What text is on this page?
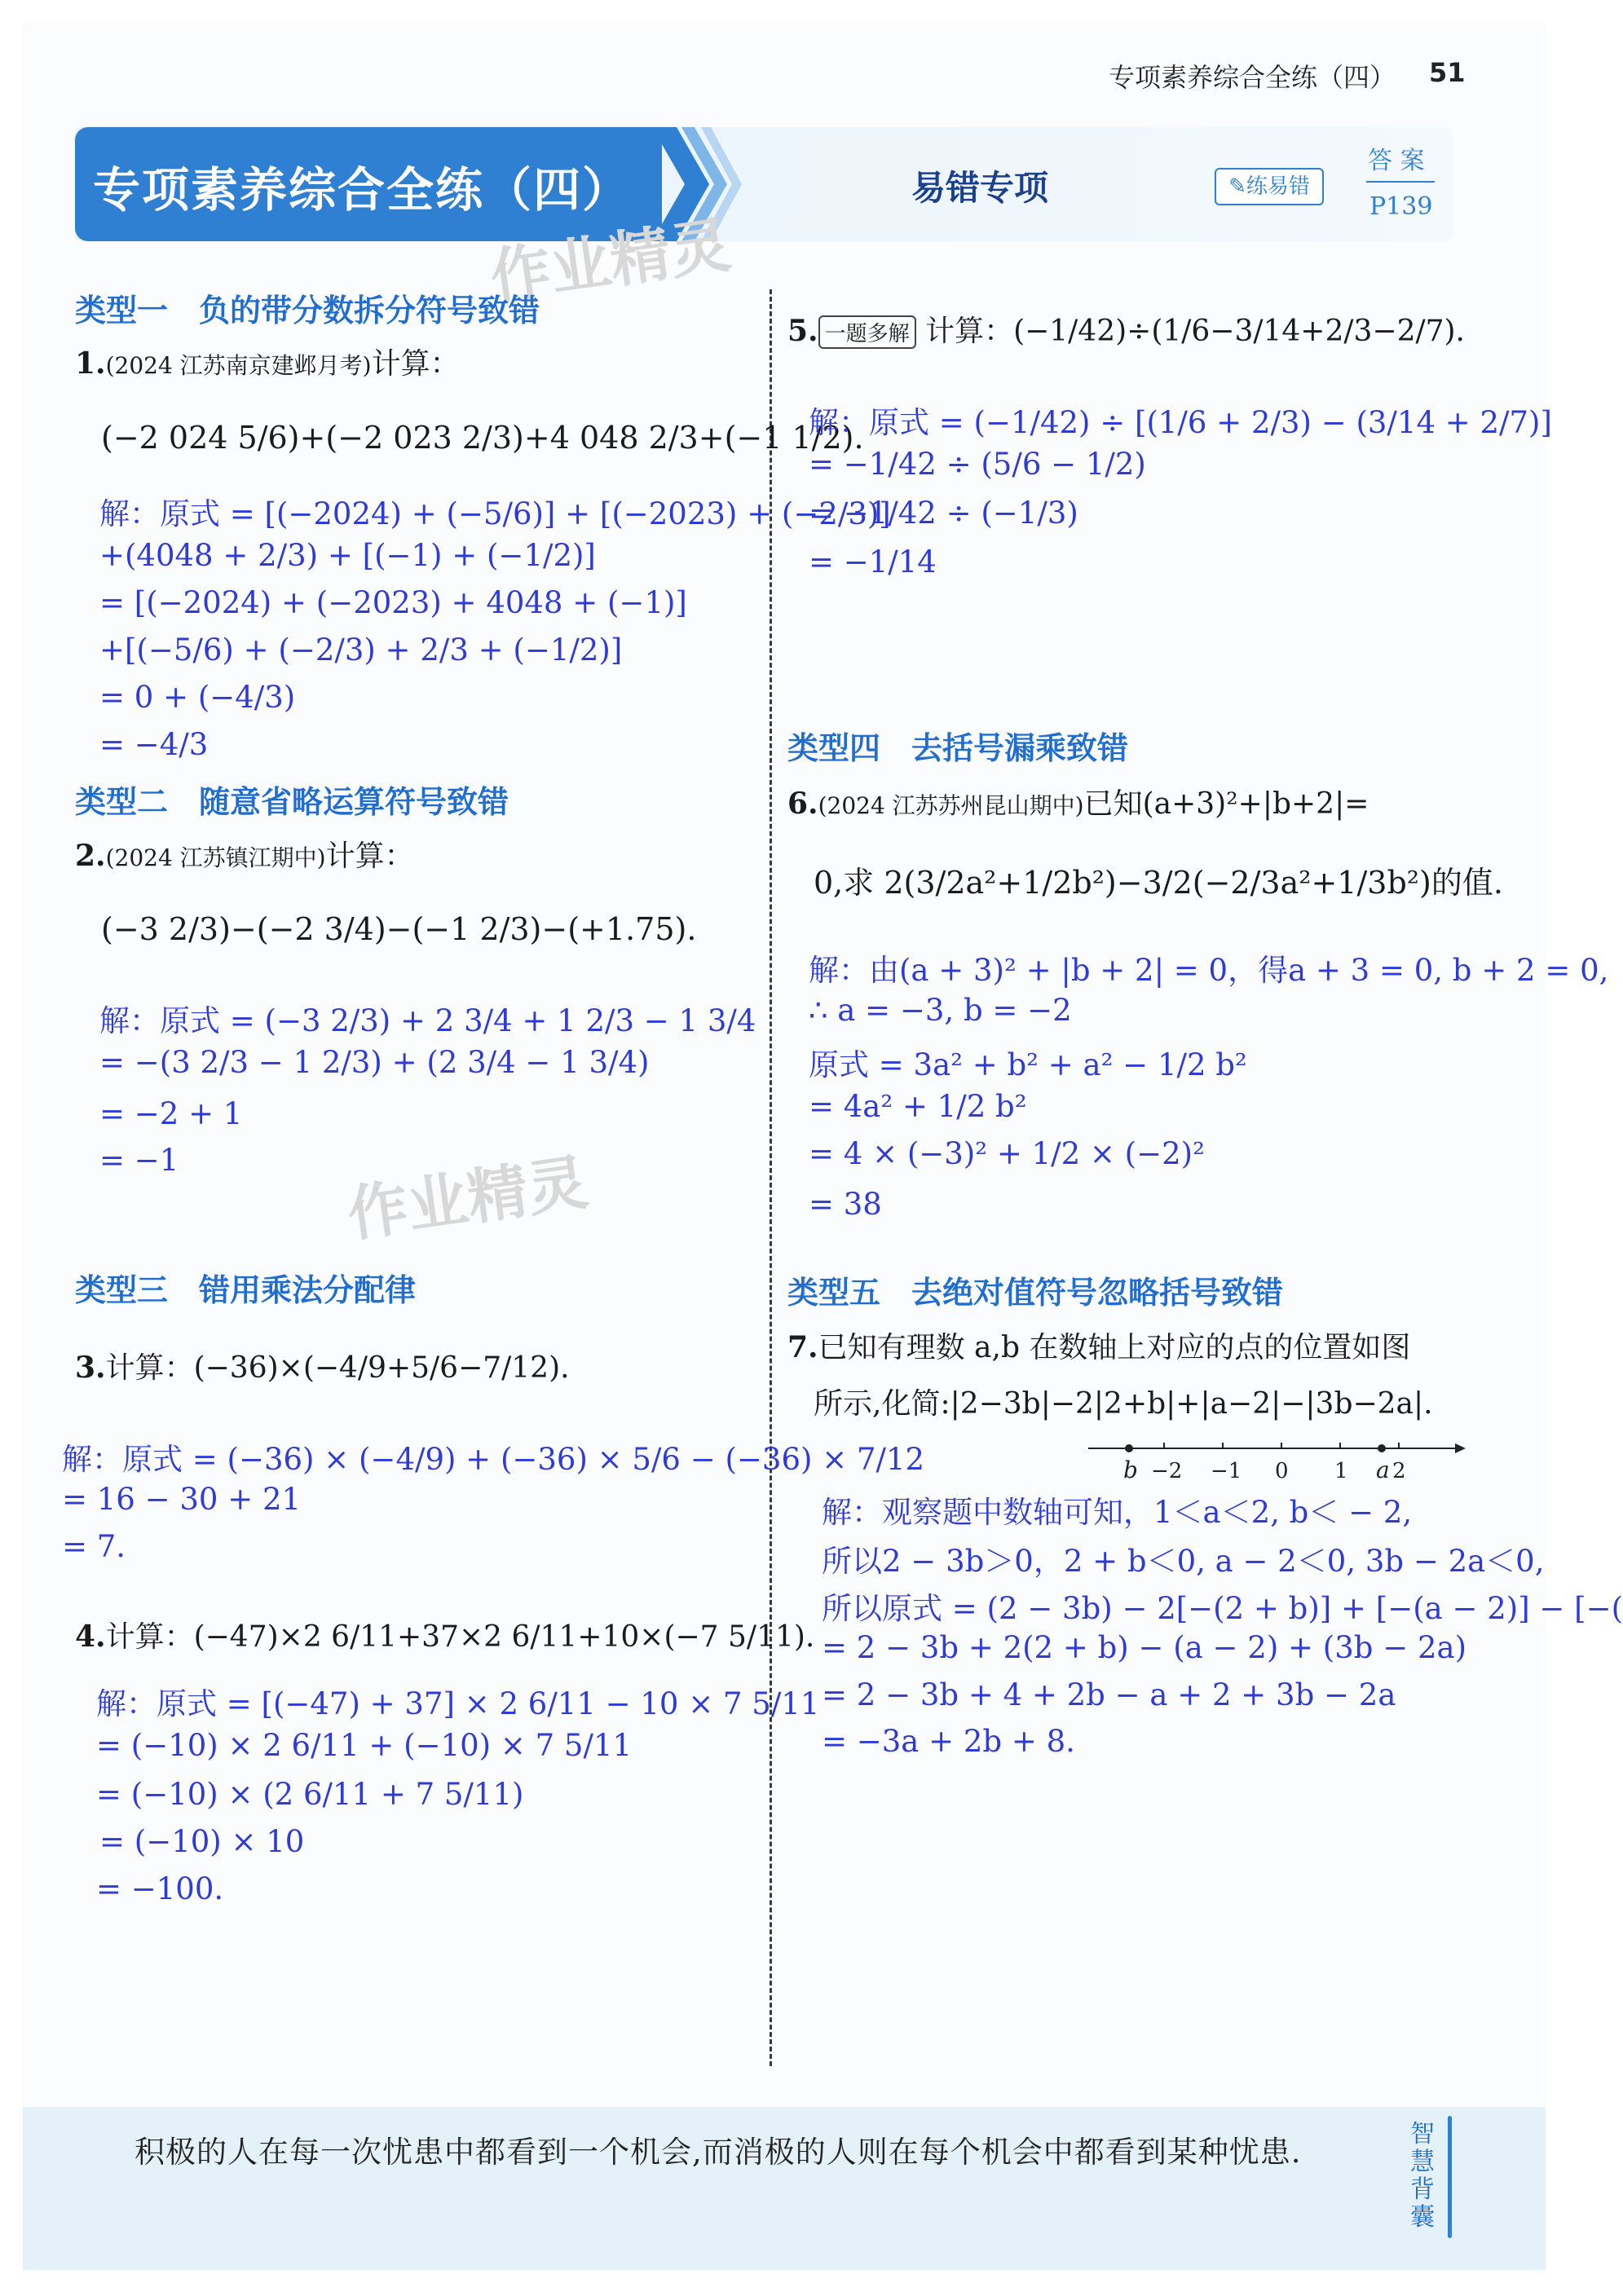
专项素养综合全练（四） 51
专项素养综合全练（四）	易错专项	✎练易错
答 案
P139
作业精灵
作业精灵
类型一　负的带分数拆分符号致错
1.(2024 江苏南京建邺月考)计算：
(−2 024 5/6)+(−2 023 2/3)+4 048 2/3+(−1 1/2).
解：原式 = [(−2024) + (−5/6)] + [(−2023) + (−2/3)]
+(4048 + 2/3) + [(−1) + (−1/2)]
= [(−2024) + (−2023) + 4048 + (−1)]
+[(−5/6) + (−2/3) + 2/3 + (−1/2)]
= 0 + (−4/3)
= −4/3
类型二　随意省略运算符号致错
2.(2024 江苏镇江期中)计算：
(−3 2/3)−(−2 3/4)−(−1 2/3)−(+1.75).
解：原式 = (−3 2/3) + 2 3/4 + 1 2/3 − 1 3/4
= −(3 2/3 − 1 2/3) + (2 3/4 − 1 3/4)
= −2 + 1
= −1
类型三　错用乘法分配律
3.计算：(−36)×(−4/9+5/6−7/12).
解：原式 = (−36) × (−4/9) + (−36) × 5/6 − (−36) × 7/12
= 16 − 30 + 21
= 7.
4.计算：(−47)×2 6/11+37×2 6/11+10×(−7 5/11).
解：原式 = [(−47) + 37] × 2 6/11 − 10 × 7 5/11
= (−10) × 2 6/11 + (−10) × 7 5/11
= (−10) × (2 6/11 + 7 5/11)
= (−10) × 10
= −100.
5. 一题多解 计算：(−1/42)÷(1/6−3/14+2/3−2/7).
解：原式 = (−1/42) ÷ [(1/6 + 2/3) − (3/14 + 2/7)]
= −1/42 ÷ (5/6 − 1/2)
= −1/42 ÷ (−1/3)
= −1/14
类型四　去括号漏乘致错
6.(2024 江苏苏州昆山期中)已知(a+3)²+|b+2|=
0,求 2(3/2a²+1/2b²)−3/2(−2/3a²+1/3b²)的值.
解：由(a + 3)² + |b + 2| = 0，得a + 3 = 0, b + 2 = 0,
∴ a = −3, b = −2
原式 = 3a² + b² + a² − 1/2 b²
= 4a² + 1/2 b²
= 4 × (−3)² + 1/2 × (−2)²
= 38
类型五　去绝对值符号忽略括号致错
7.已知有理数 a,b 在数轴上对应的点的位置如图
所示,化简:|2−3b|−2|2+b|+|a−2|−|3b−2a|.
b −2 −1 0 1 a 2
解：观察题中数轴可知，1＜a＜2, b＜ − 2,
所以2 − 3b＞0，2 + b＜0, a − 2＜0, 3b − 2a＜0,
所以原式 = (2 − 3b) − 2[−(2 + b)] + [−(a − 2)] − [−(
= 2 − 3b + 2(2 + b) − (a − 2) + (3b − 2a)
= 2 − 3b + 4 + 2b − a + 2 + 3b − 2a
= −3a + 2b + 8.
积极的人在每一次忧患中都看到一个机会,而消极的人则在每个机会中都看到某种忧患.
智慧背囊
